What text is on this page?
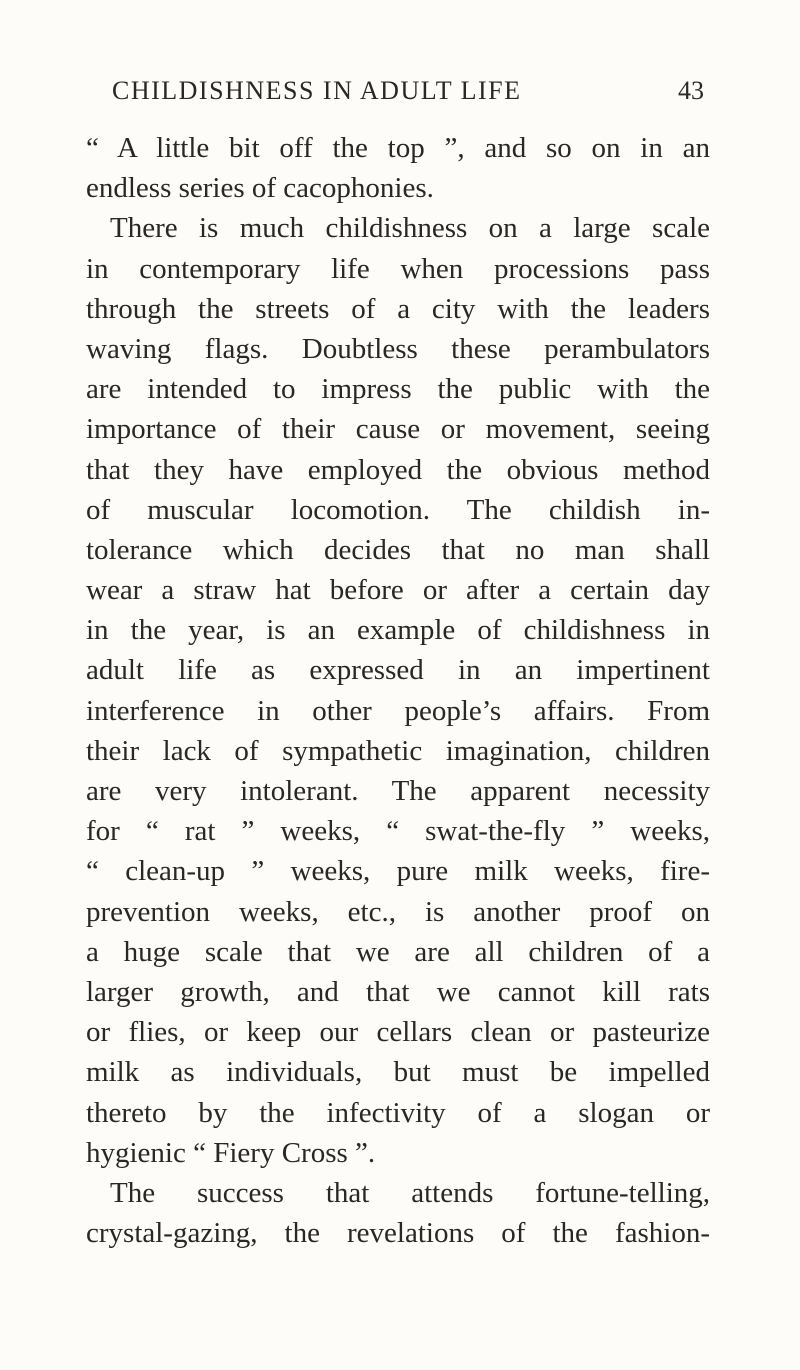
CHILDISHNESS IN ADULT LIFE	43
“ A little bit off the top ”, and so on in an
endless series of cacophonies.
There is much childishness on a large scale
in contemporary life when processions pass
through the streets of a city with the leaders
waving flags. Doubtless these perambulators
are intended to impress the public with the
importance of their cause or movement, seeing
that they have employed the obvious method
of muscular locomotion. The childish in-
tolerance which decides that no man shall
wear a straw hat before or after a certain day
in the year, is an example of childishness in
adult life as expressed in an impertinent
interference in other people’s affairs. From
their lack of sympathetic imagination, children
are very intolerant. The apparent necessity
for “ rat ” weeks, “ swat-the-fly ” weeks,
“ clean-up ” weeks, pure milk weeks, fire-
prevention weeks, etc., is another proof on
a huge scale that we are all children of a
larger growth, and that we cannot kill rats
or flies, or keep our cellars clean or pasteurize
milk as individuals, but must be impelled
thereto by the infectivity of a slogan or
hygienic “ Fiery Cross ”.
The success that attends fortune-telling,
crystal-gazing, the revelations of the fashion-
